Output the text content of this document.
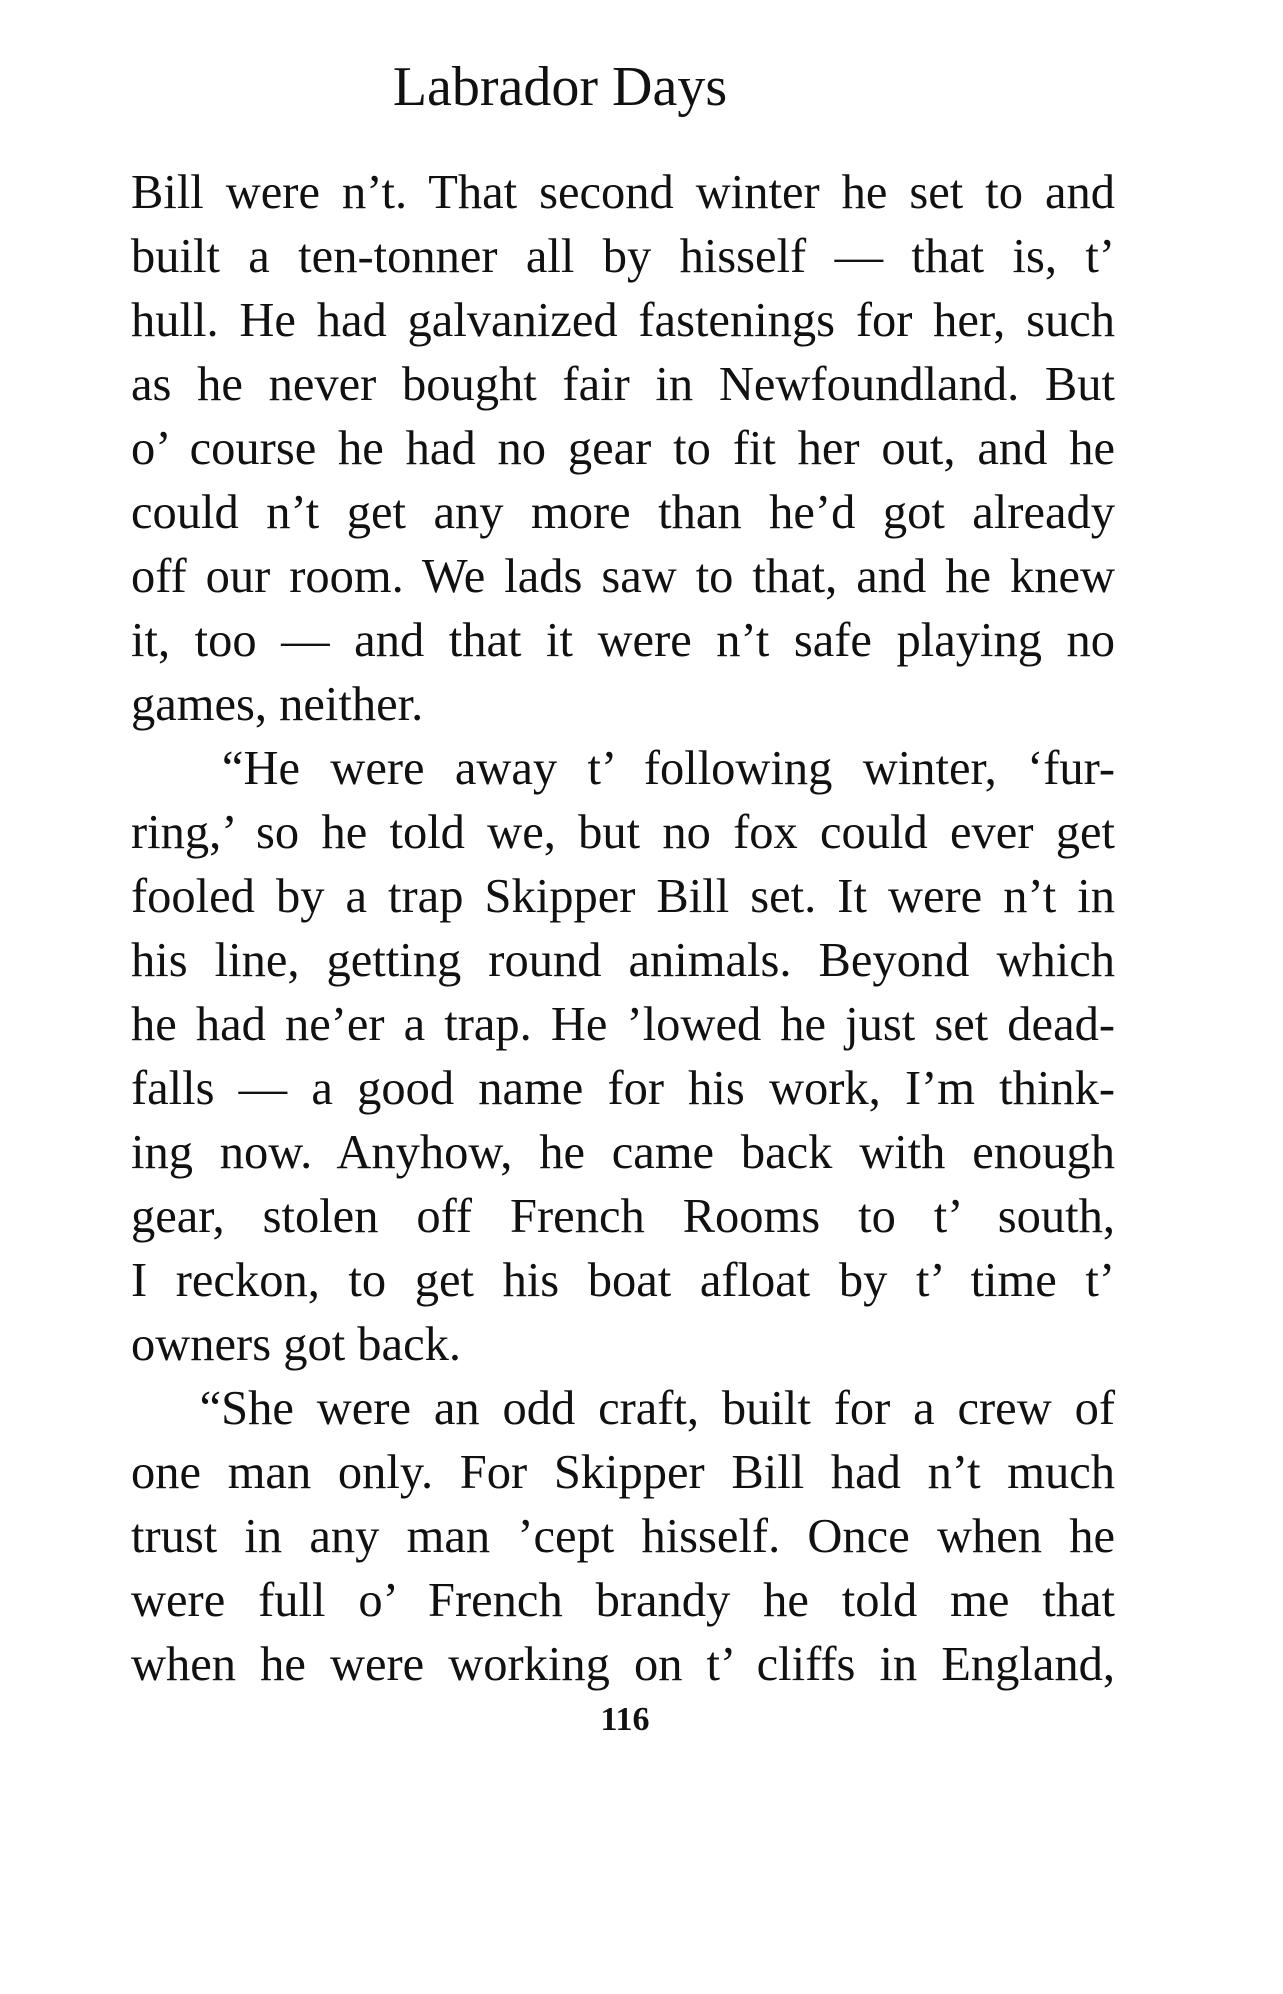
Labrador Days
Bill were n’t. That second winter he set to and
built a ten-tonner all by hisself — that is, t’
hull. He had galvanized fastenings for her, such
as he never bought fair in Newfoundland. But
o’ course he had no gear to fit her out, and he
could n’t get any more than he’d got already
off our room. We lads saw to that, and he knew
it, too — and that it were n’t safe playing no
games, neither.
“He were away t’ following winter, ‘fur-
ring,’ so he told we, but no fox could ever get
fooled by a trap Skipper Bill set. It were n’t in
his line, getting round animals. Beyond which
he had ne’er a trap. He ’lowed he just set dead-
falls — a good name for his work, I’m think-
ing now. Anyhow, he came back with enough
gear, stolen off French Rooms to t’ south,
I reckon, to get his boat afloat by t’ time t’
owners got back.
“She were an odd craft, built for a crew of
one man only. For Skipper Bill had n’t much
trust in any man ’cept hisself. Once when he
were full o’ French brandy he told me that
when he were working on t’ cliffs in England,
116
